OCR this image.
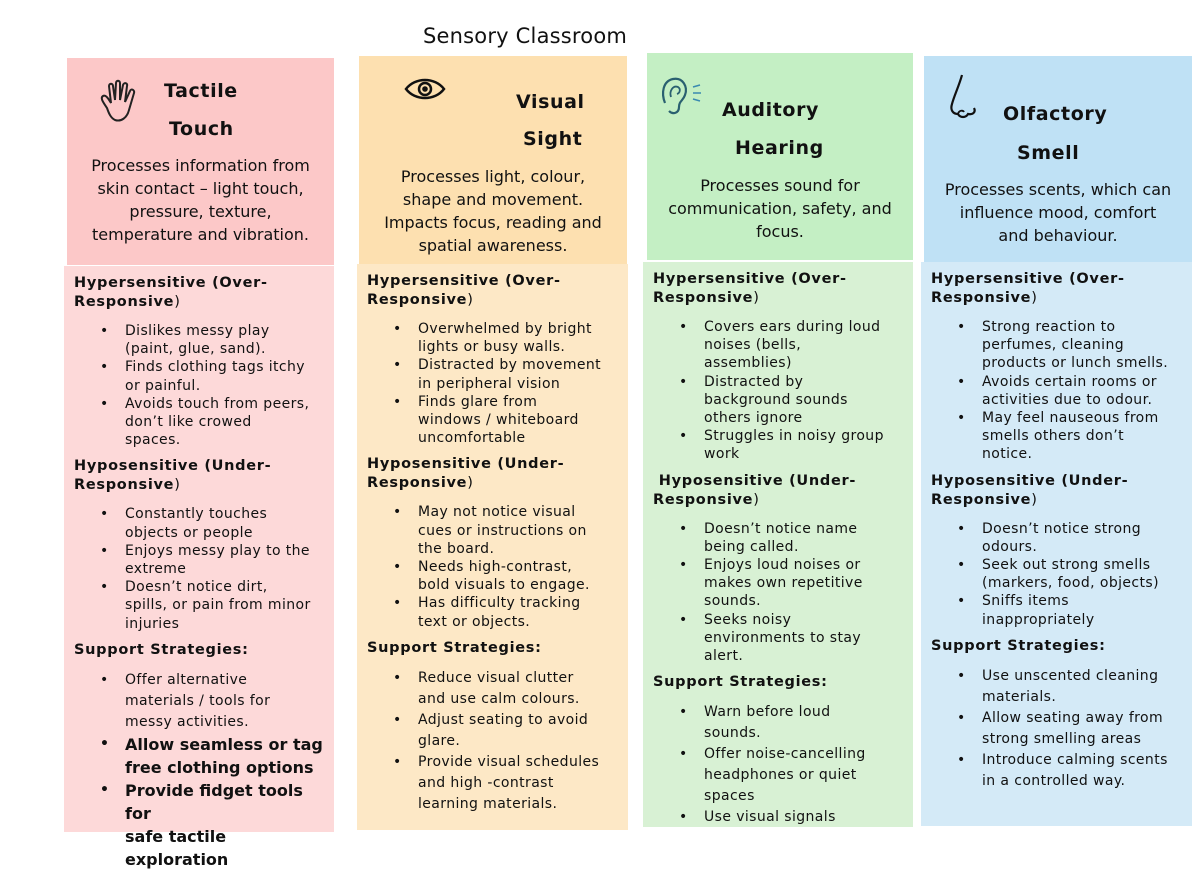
Sensory Classroom
Tactile
Touch
Processes information from
skin contact – light touch,
pressure, texture,
temperature and vibration.

Hypersensitive (Over-
Responsive)

• Dislikes messy play
(paint, glue, sand).
• Finds clothing tags itchy
or painful.
• Avoids touch from peers,
don’t like crowed
spaces.

Hyposensitive (Under-
Responsive)

• Constantly touches
objects or people
• Enjoys messy play to the
extreme
• Doesn’t notice dirt,
spills, or pain from minor
injuries

Support Strategies:

• Offer alternative
materials / tools for
messy activities.
• Allow seamless or tag
free clothing options
• Provide fidget tools for
safe tactile exploration
Visual
Sight
Processes light, colour,
shape and movement.
Impacts focus, reading and
spatial awareness.

Hypersensitive (Over-
Responsive)

• Overwhelmed by bright
lights or busy walls.
• Distracted by movement
in peripheral vision
• Finds glare from
windows / whiteboard
uncomfortable

Hyposensitive (Under-
Responsive)

• May not notice visual
cues or instructions on
the board.
• Needs high-contrast,
bold visuals to engage.
• Has difficulty tracking
text or objects.

Support Strategies:

• Reduce visual clutter
and use calm colours.
• Adjust seating to avoid
glare.
• Provide visual schedules
and high -contrast
learning materials.
Auditory
Hearing
Processes sound for
communication, safety, and
focus.

Hypersensitive (Over-
Responsive)

• Covers ears during loud
noises (bells,
assemblies)
• Distracted by
background sounds
others ignore
• Struggles in noisy group
work

Hyposensitive (Under-
Responsive)

• Doesn’t notice name
being called.
• Enjoys loud noises or
makes own repetitive
sounds.
• Seeks noisy
environments to stay
alert.

Support Strategies:

• Warn before loud
sounds.
• Offer noise-cancelling
headphones or quiet
spaces
• Use visual signals
Olfactory
Smell
Processes scents, which can
influence mood, comfort
and behaviour.

Hypersensitive (Over-
Responsive)

• Strong reaction to
perfumes, cleaning
products or lunch smells.
• Avoids certain rooms or
activities due to odour.
• May feel nauseous from
smells others don’t
notice.

Hyposensitive (Under-
Responsive)

• Doesn’t notice strong
odours.
• Seek out strong smells
(markers, food, objects)
• Sniffs items
inappropriately

Support Strategies:

• Use unscented cleaning
materials.
• Allow seating away from
strong smelling areas
• Introduce calming scents
in a controlled way.
